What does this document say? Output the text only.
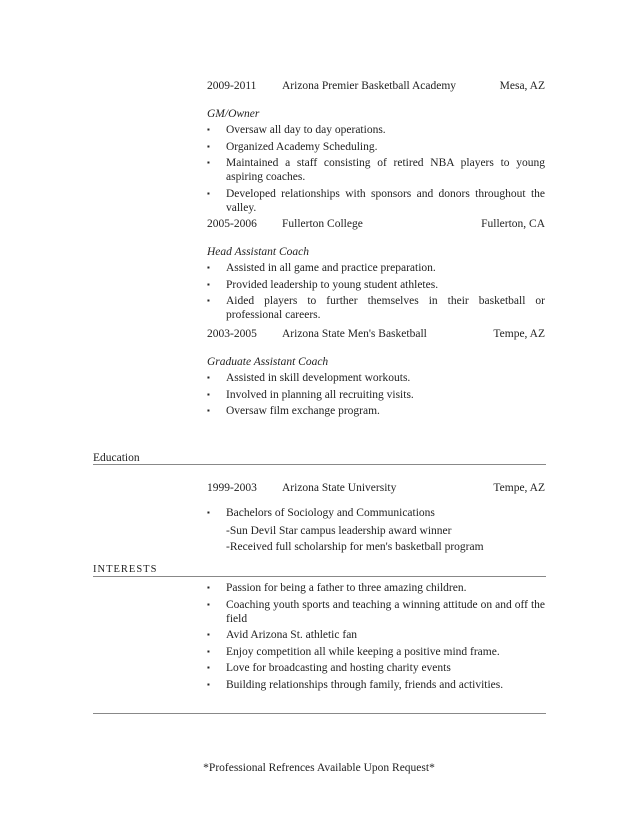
2009-2011 Arizona Premier Basketball Academy	Mesa, AZ
GM/Owner
▪ Oversaw all day to day operations.
▪ Organized Academy Scheduling.
▪ Maintained a staff consisting of retired NBA players to young aspiring coaches.
▪ Developed relationships with sponsors and donors throughout the valley.
2005-2006 Fullerton College	Fullerton, CA
Head Assistant Coach
▪ Assisted in all game and practice preparation.
▪ Provided leadership to young student athletes.
▪ Aided players to further themselves in their basketball or professional careers.
2003-2005 Arizona State Men's Basketball	Tempe, AZ
Graduate Assistant Coach
▪ Assisted in skill development workouts.
▪ Involved in planning all recruiting visits.
▪ Oversaw film exchange program.
Education
1999-2003 Arizona State University	Tempe, AZ
▪ Bachelors of Sociology and Communications
-Sun Devil Star campus leadership award winner
-Received full scholarship for men's basketball program
INTERESTS
▪ Passion for being a father to three amazing children.
▪ Coaching youth sports and teaching a winning attitude on and off the field
▪ Avid Arizona St. athletic fan
▪ Enjoy competition all while keeping a positive mind frame.
▪ Love for broadcasting and hosting charity events
▪ Building relationships through family, friends and activities.
*Professional Refrences Available Upon Request*
